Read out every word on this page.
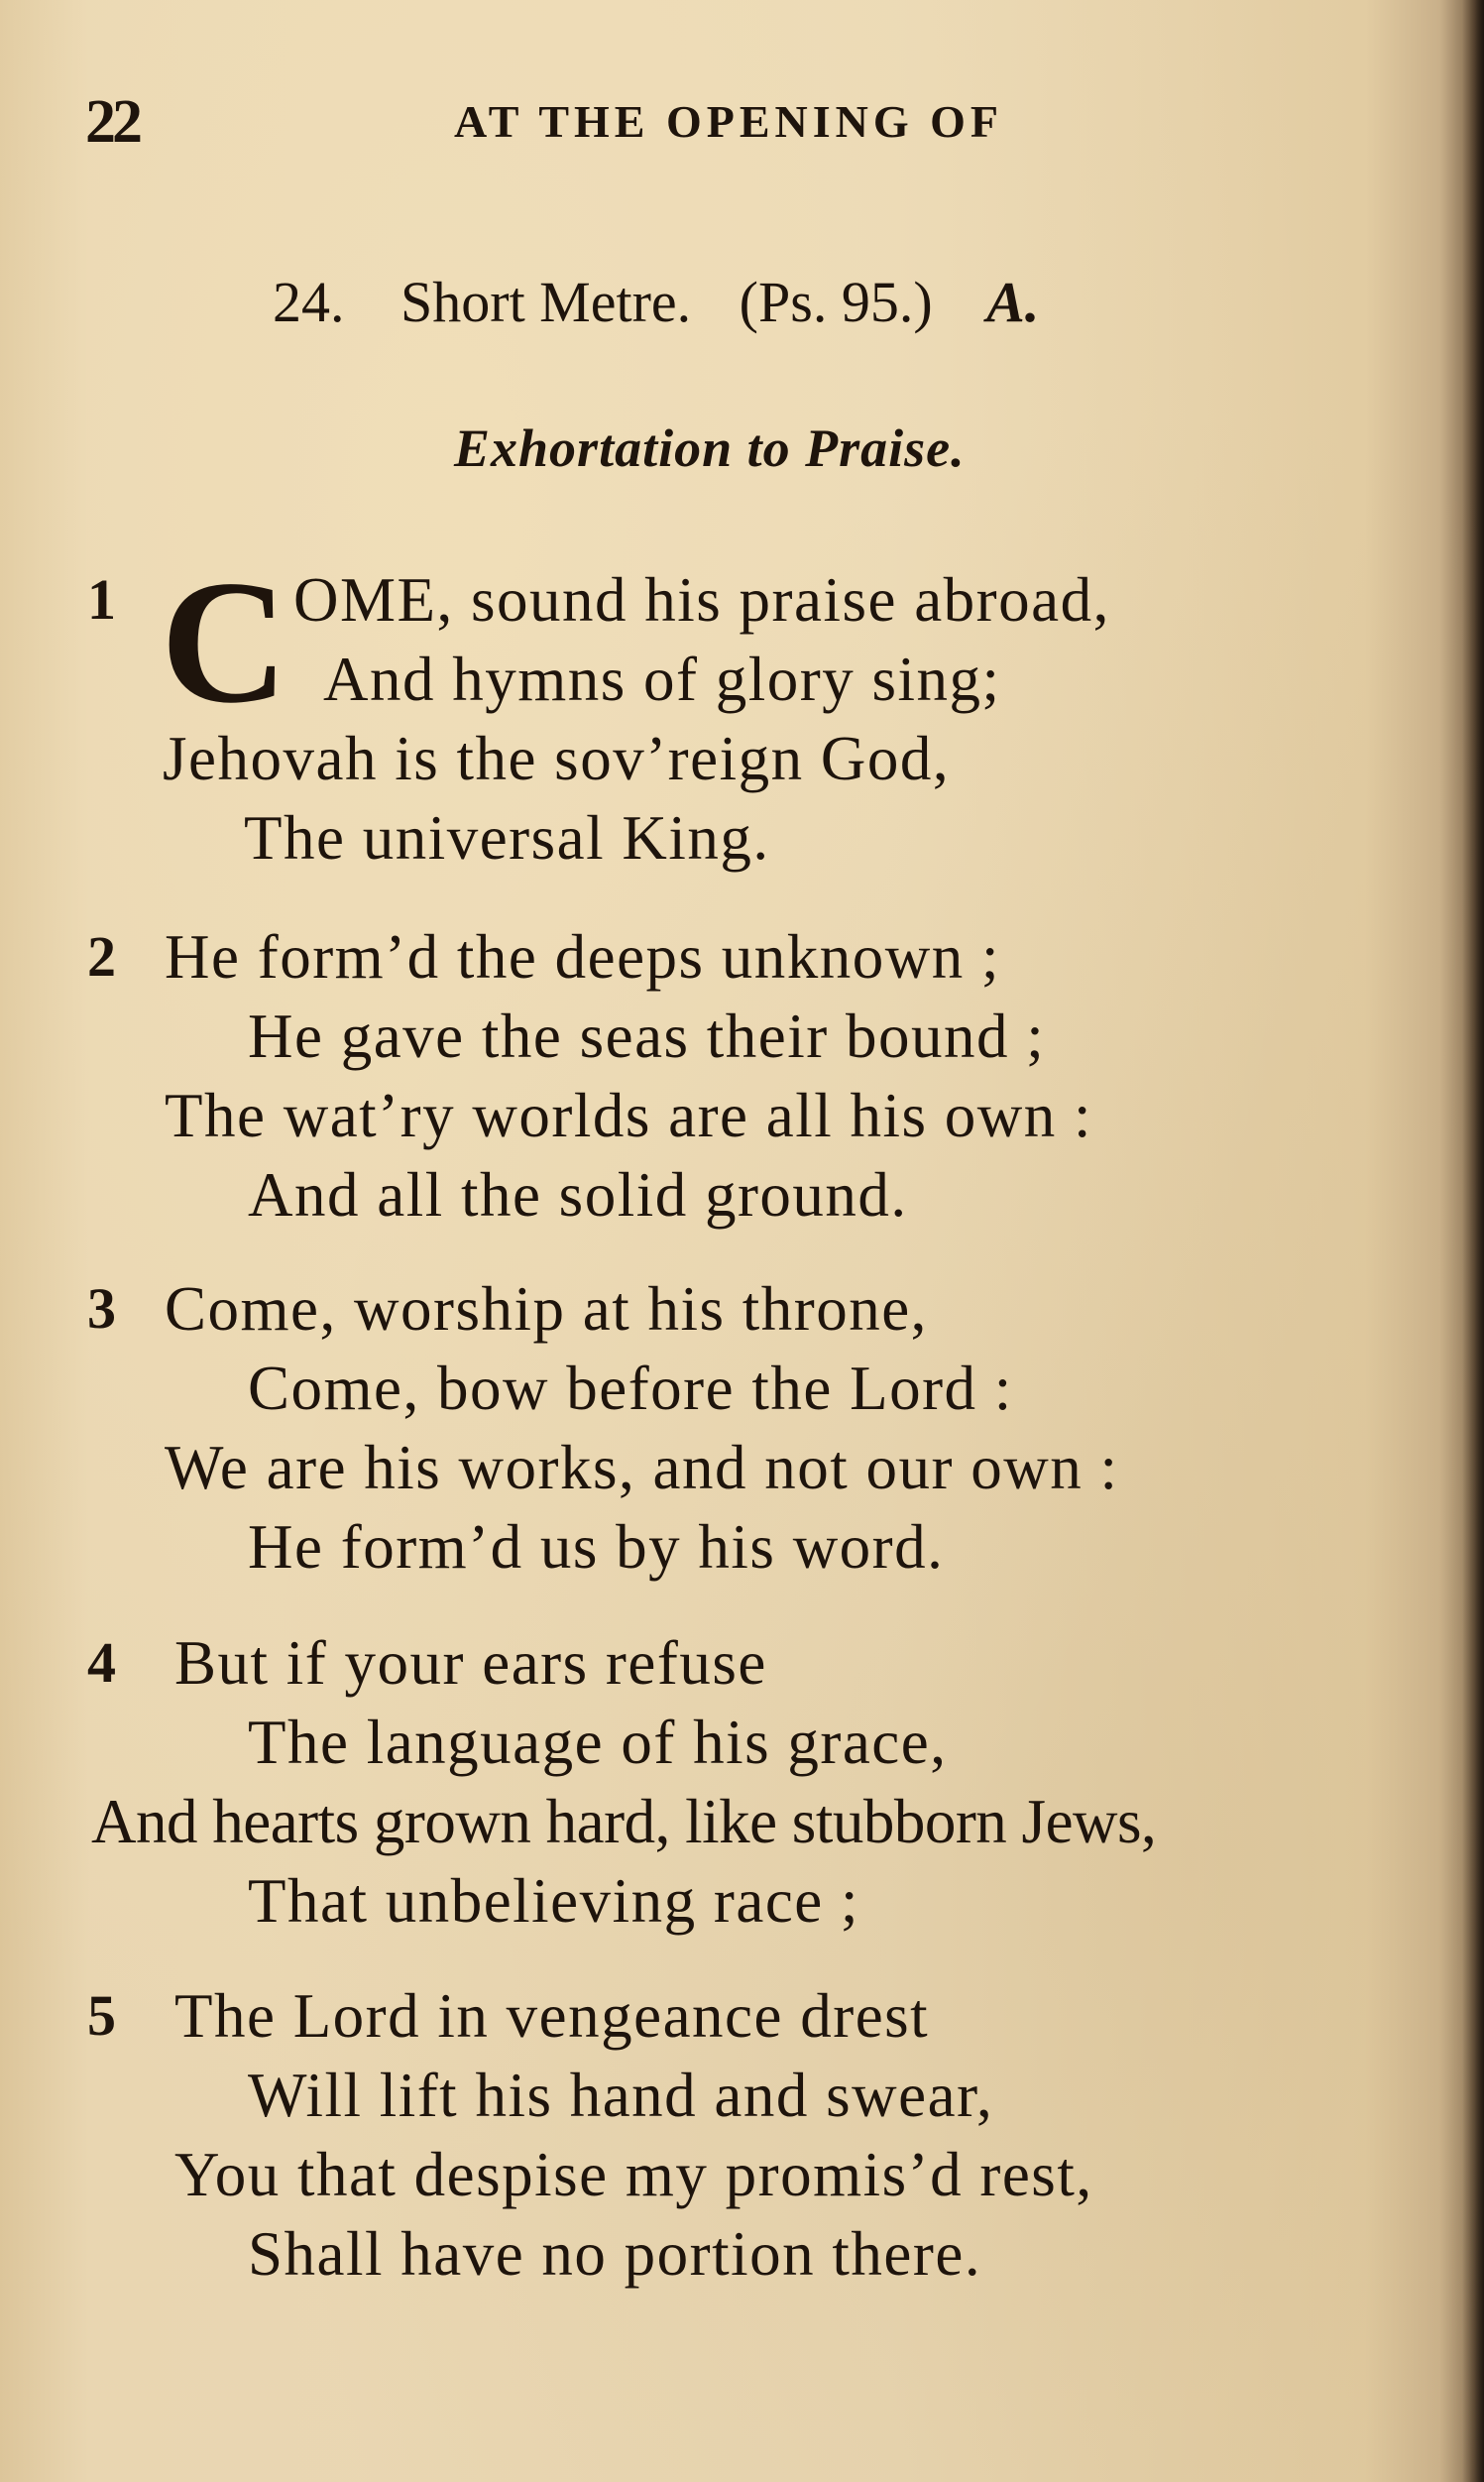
22	AT THE OPENING OF
24. Short Metre. (Ps. 95.) A.
Exhortation to Praise.
1 C OME, sound his praise abroad,
And hymns of glory sing;
Jehovah is the sov’reign God,
The universal King.
2 He form’d the deeps unknown ;
He gave the seas their bound ;
The wat’ry worlds are all his own :
And all the solid ground.
3 Come, worship at his throne,
Come, bow before the Lord :
We are his works, and not our own :
He form’d us by his word.
4 But if your ears refuse
The language of his grace,
And hearts grown hard, like stubborn Jews,
That unbelieving race ;
5 The Lord in vengeance drest
Will lift his hand and swear,
You that despise my promis’d rest,
Shall have no portion there.
